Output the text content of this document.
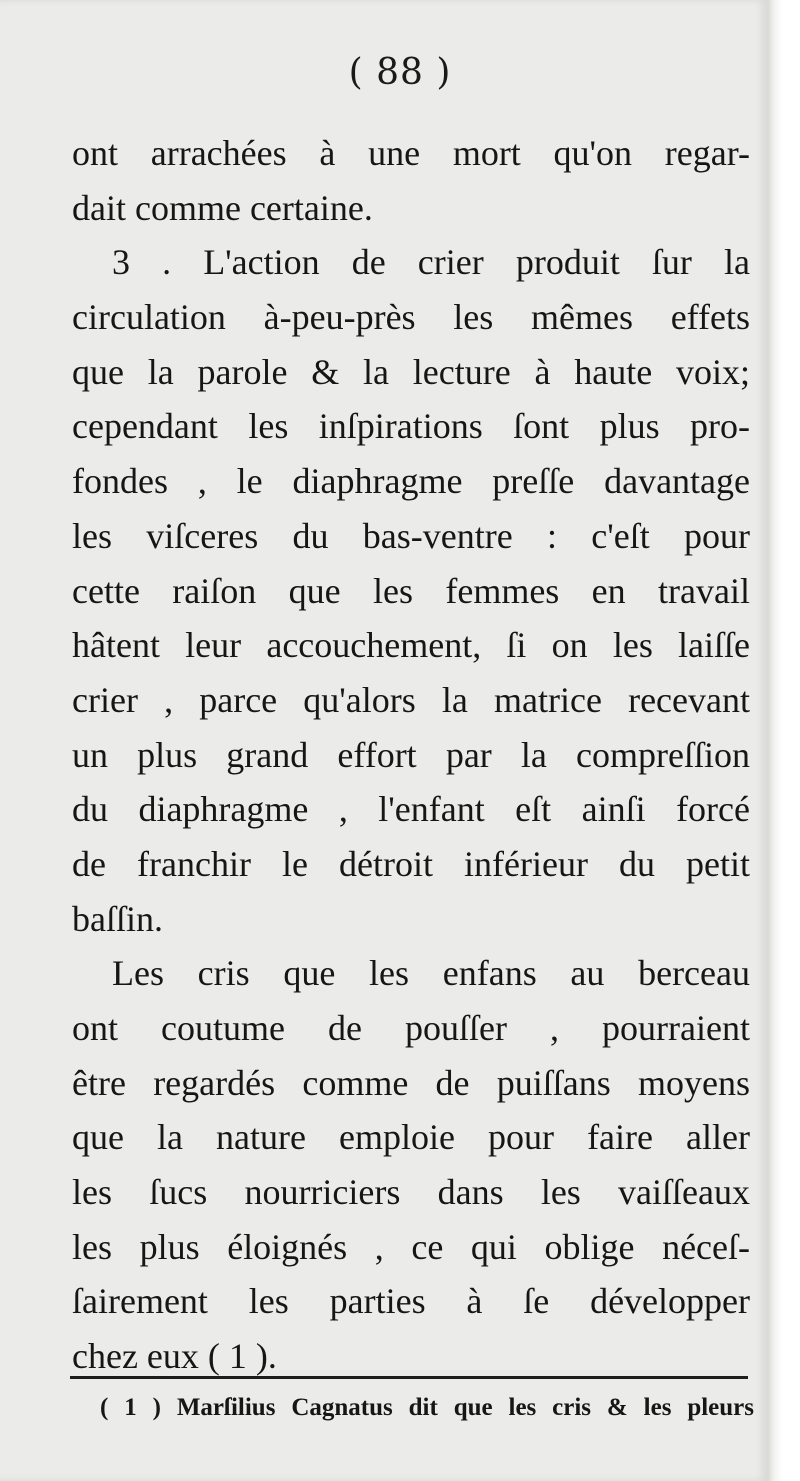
( 88 )
ont arrachées à une mort qu'on regar-
dait comme certaine.
3 . L'action de crier produit ſur la
circulation à-peu-près les mêmes effets
que la parole & la lecture à haute voix;
cependant les inſpirations ſont plus pro-
fondes , le diaphragme preſſe davantage
les viſceres du bas-ventre : c'eſt pour
cette raiſon que les femmes en travail
hâtent leur accouchement, ſi on les laiſſe
crier , parce qu'alors la matrice recevant
un plus grand effort par la compreſſion
du diaphragme , l'enfant eſt ainſi forcé
de franchir le détroit inférieur du petit
baſſin.
Les cris que les enfans au berceau
ont coutume de pouſſer , pourraient
être regardés comme de puiſſans moyens
que la nature emploie pour faire aller
les ſucs nourriciers dans les vaiſſeaux
les plus éloignés , ce qui oblige néceſ-
ſairement les parties à ſe développer
chez eux ( 1 ).
( 1 ) Marſilius Cagnatus dit que les cris & les pleurs
